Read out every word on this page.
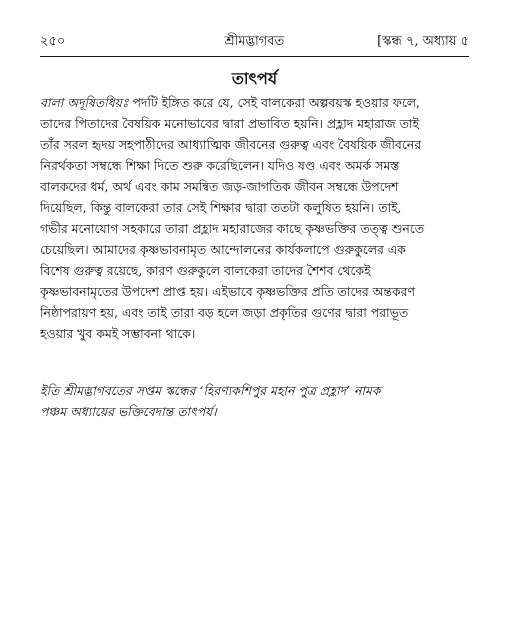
২৫০	শ্রীমদ্ভাগবত	[স্কন্ধ ৭, অধ্যায় ৫
তাৎপর্য
বালা অদূষিতধিয়ঃ পদটি ইঙ্গিত করে যে, সেই বালকেরা অল্পবয়স্ক হওয়ার ফলে,
তাদের পিতাদের বৈষয়িক মনোভাবের দ্বারা প্রভাবিত হয়নি। প্রহ্লাদ মহারাজ তাই
তাঁর সরল হৃদয় সহপাঠীদের আধ্যাত্মিক জীবনের গুরুত্ব এবং বৈষয়িক জীবনের
নিরর্থকতা সম্বন্ধে শিক্ষা দিতে শুরু করেছিলেন। যদিও ষণ্ড এবং অমর্ক সমস্ত
বালকদের ধর্ম, অর্থ এবং কাম সমন্বিত জড়-জাগতিক জীবন সম্বন্ধে উপদেশ
দিয়েছিল, কিন্তু বালকেরা তার সেই শিক্ষার দ্বারা ততটা কলুষিত হয়নি। তাই,
গভীর মনোযোগ সহকারে তারা প্রহ্লাদ মহারাজের কাছে কৃষ্ণভক্তির তত্ত্ব শুনতে
চেয়েছিল। আমাদের কৃষ্ণভাবনামৃত আন্দোলনের কার্যকলাপে গুরুকুলের এক
বিশেষ গুরুত্ব রয়েছে, কারণ গুরুকুলে বালকেরা তাদের শৈশব থেকেই
কৃষ্ণভাবনামৃতের উপদেশ প্রাপ্ত হয়। এইভাবে কৃষ্ণভক্তির প্রতি তাদের অন্তকরণ
নিষ্ঠাপরায়ণ হয়, এবং তাই তারা বড় হলে জড়া প্রকৃতির গুণের দ্বারা পরাভূত
হওয়ার খুব কমই সম্ভাবনা থাকে।
ইতি শ্রীমদ্ভাগবতের সপ্তম স্কন্ধের ‘হিরণ্যকশিপুর মহান পুত্র প্রহ্লাদ’ নামক
পঞ্চম অধ্যায়ের ভক্তিবেদান্ত তাৎপর্য।
